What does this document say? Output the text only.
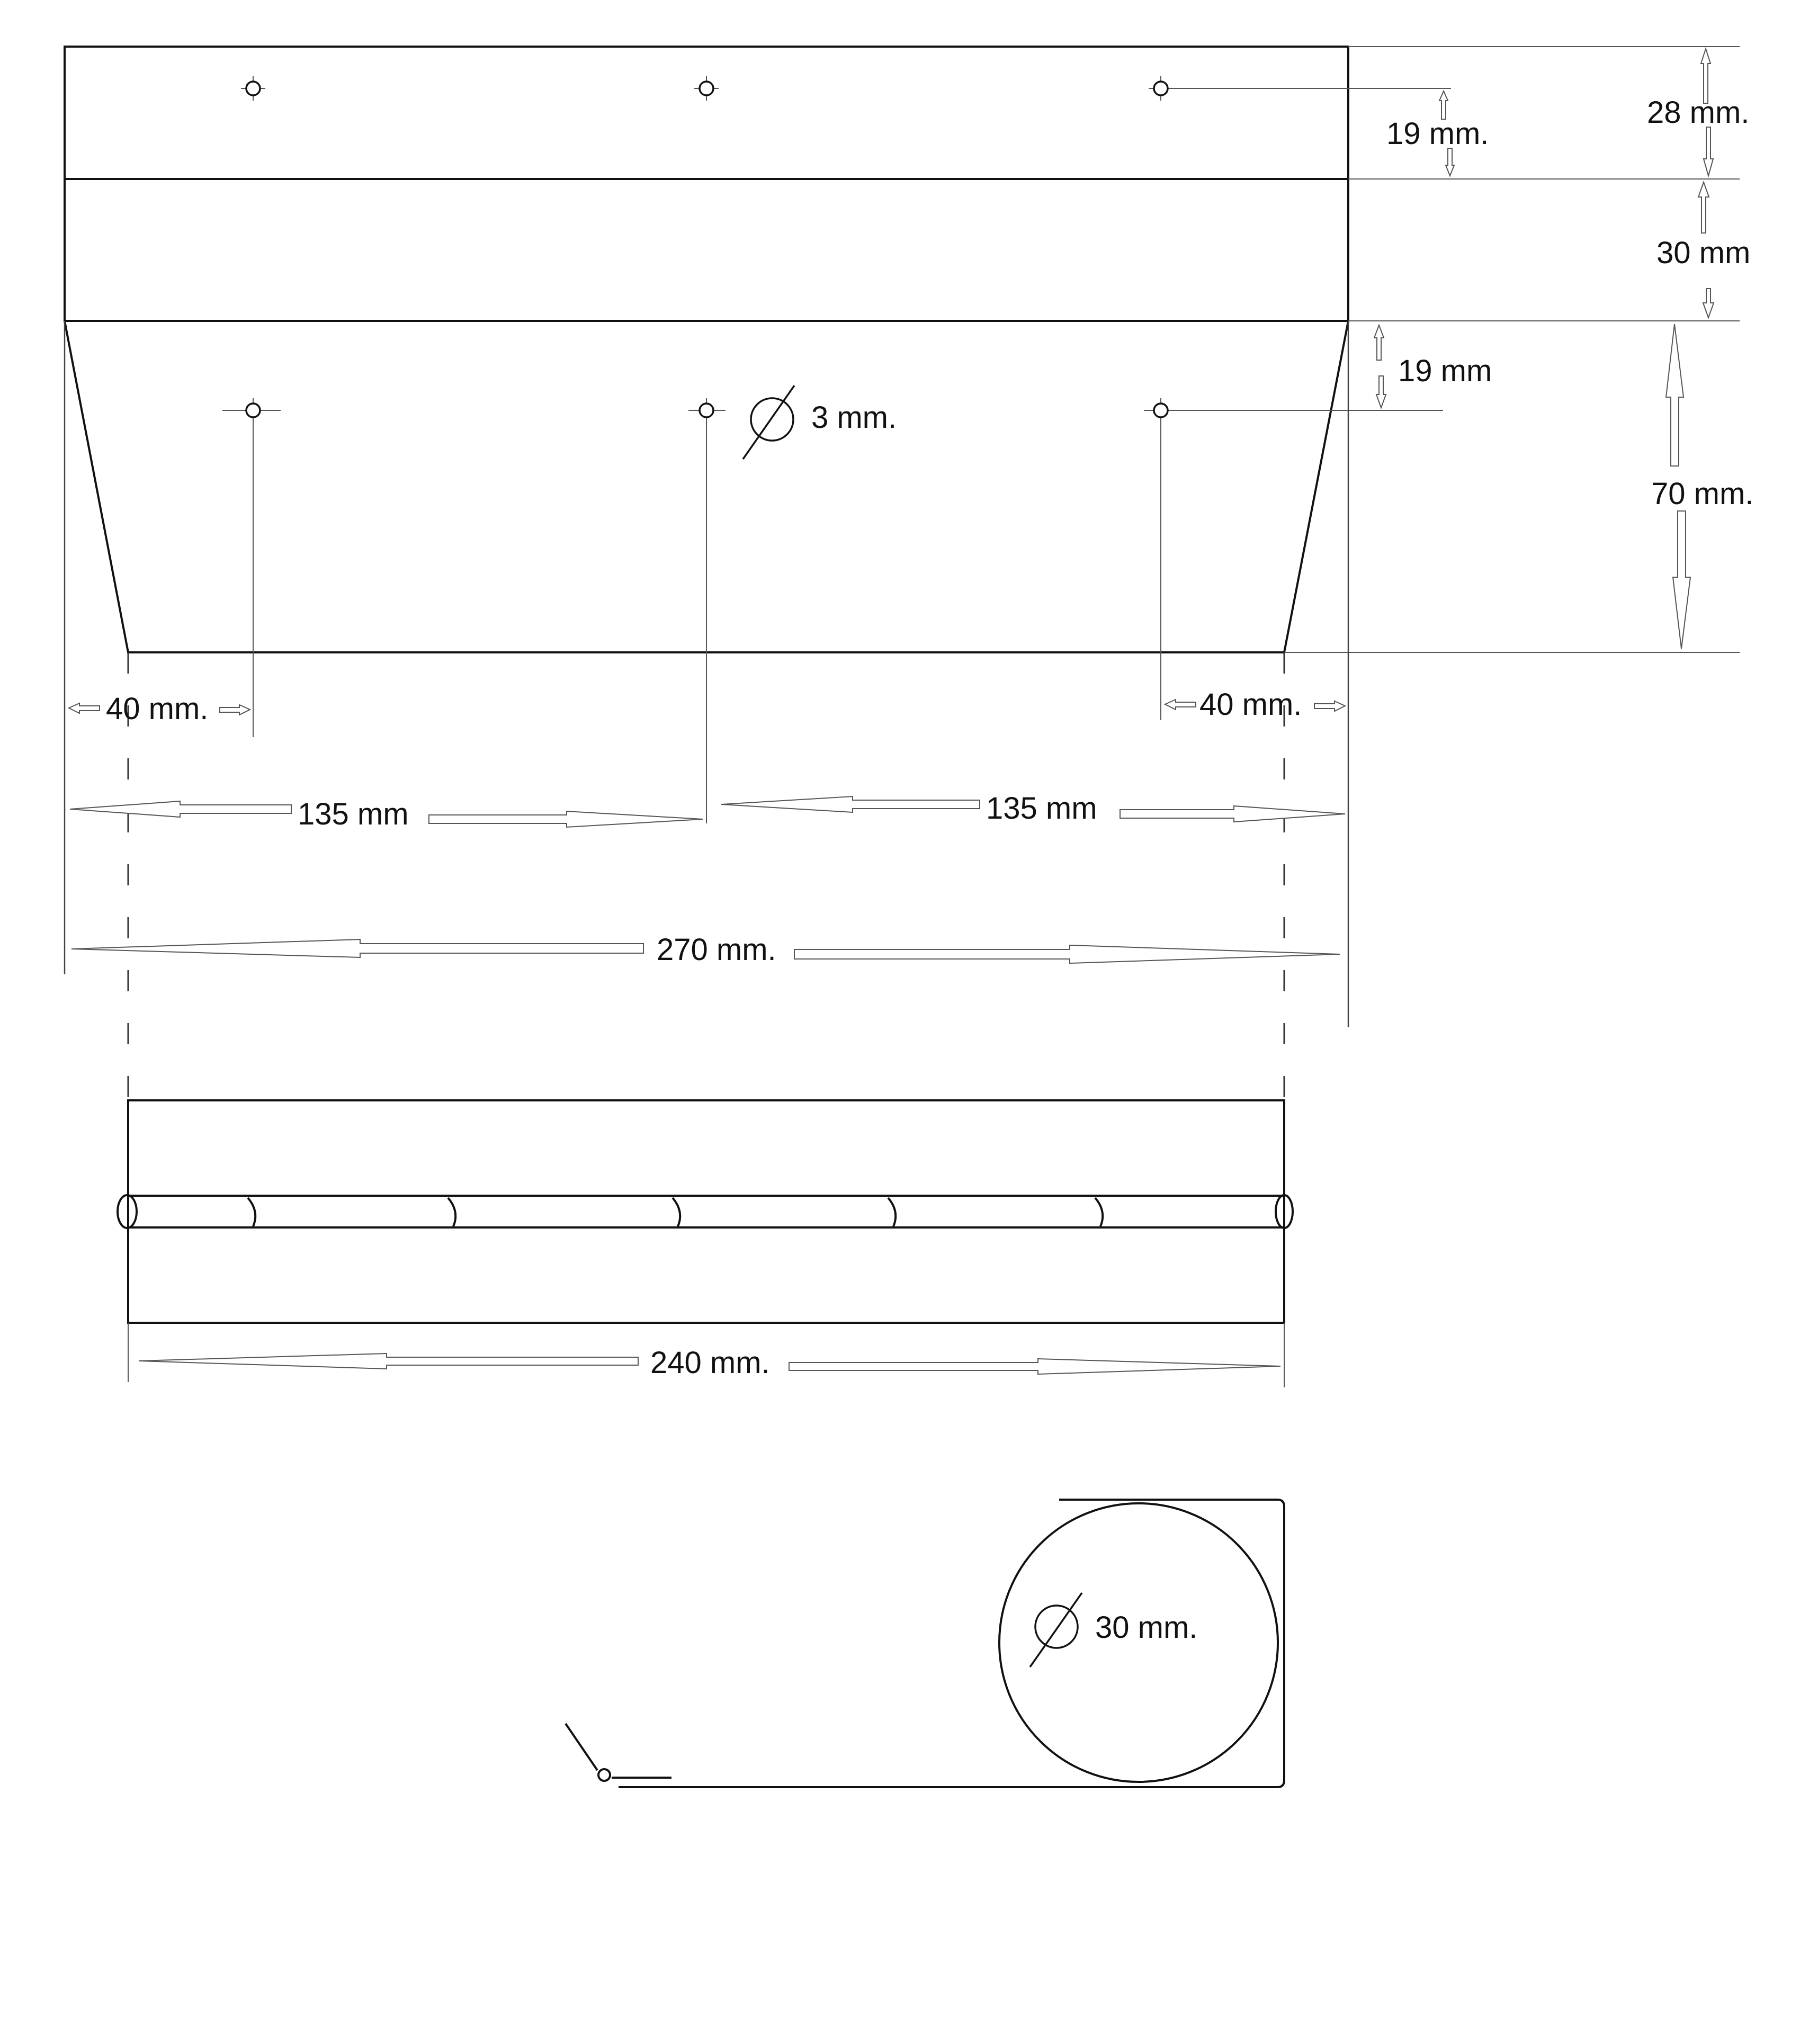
3 mm.
28 mm.
19 mm.
30 mm
19 mm
70 mm.
40 mm.	40 mm.
135 mm	135 mm
270 mm.
240 mm.
30 mm.
